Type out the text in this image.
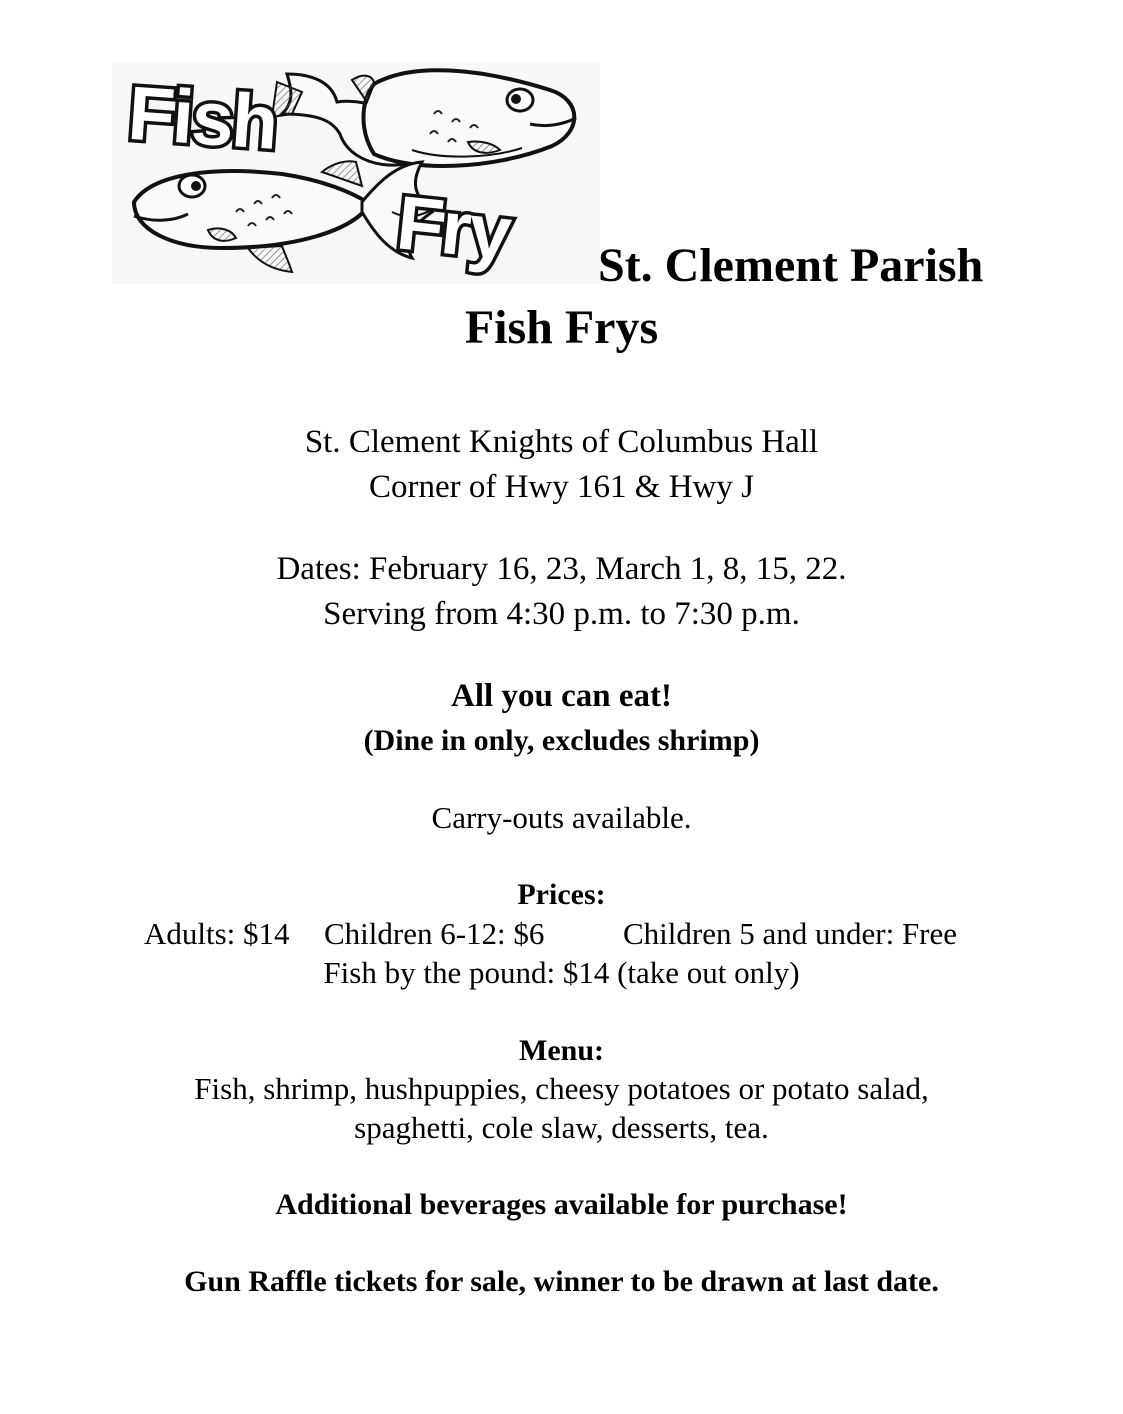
Fish
Fry St. Clement Parish
Fish Frys
St. Clement Knights of Columbus Hall
Corner of Hwy 161 & Hwy J
Dates: February 16, 23, March 1, 8, 15, 22.
Serving from 4:30 p.m. to 7:30 p.m.
All you can eat!
(Dine in only, excludes shrimp)
Carry-outs available.
Prices:
Adults: $14 Children 6-12: $6	Children 5 and under: Free
Fish by the pound: $14 (take out only)
Menu:
Fish, shrimp, hushpuppies, cheesy potatoes or potato salad,
spaghetti, cole slaw, desserts, tea.
Additional beverages available for purchase!
Gun Raffle tickets for sale, winner to be drawn at last date.
